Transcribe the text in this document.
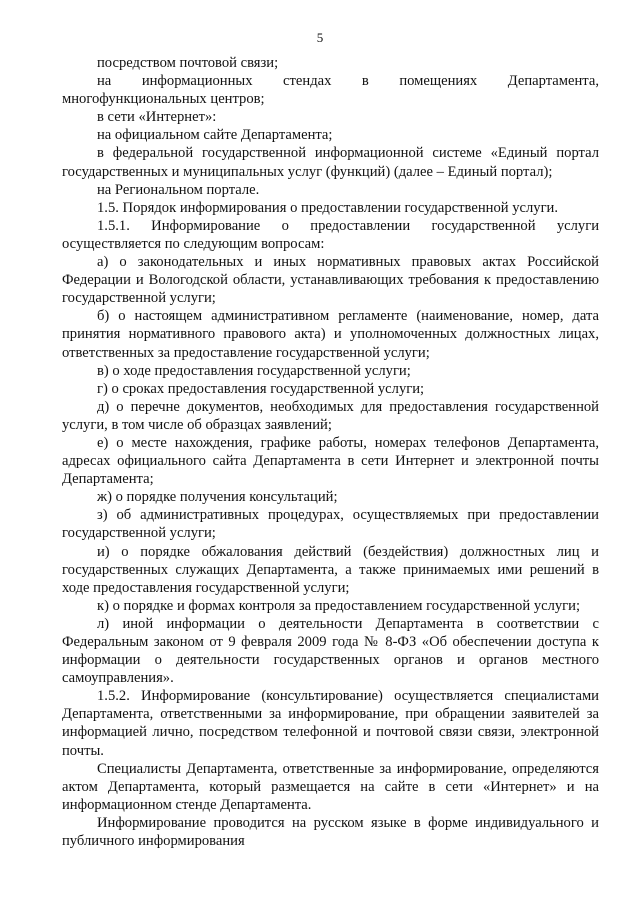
5

посредством почтовой связи;

на информационных стендах в помещениях Департамента, многофункциональных центров;

в сети «Интернет»:

на официальном сайте Департамента;

в федеральной государственной информационной системе «Единый портал государственных и муниципальных услуг (функций) (далее – Единый портал);

на Региональном портале.

1.5. Порядок информирования о предоставлении государственной услуги.

1.5.1. Информирование о предоставлении государственной услуги осуществляется по следующим вопросам:

а) о законодательных и иных нормативных правовых актах Российской Федерации и Вологодской области, устанавливающих требования к предоставлению государственной услуги;

б) о настоящем административном регламенте (наименование, номер, дата принятия нормативного правового акта) и уполномоченных должностных лицах, ответственных за предоставление государственной услуги;

в) о ходе предоставления государственной услуги;

г) о сроках предоставления государственной услуги;

д) о перечне документов, необходимых для предоставления государственной услуги, в том числе об образцах заявлений;

е) о месте нахождения, графике работы, номерах телефонов Департамента, адресах официального сайта Департамента в сети Интернет и электронной почты Департамента;

ж) о порядке получения консультаций;

з) об административных процедурах, осуществляемых при предоставлении государственной услуги;

и) о порядке обжалования действий (бездействия) должностных лиц и государственных служащих Департамента, а также принимаемых ими решений в ходе предоставления государственной услуги;

к) о порядке и формах контроля за предоставлением государственной услуги;

л) иной информации о деятельности Департамента в соответствии с Федеральным законом от 9 февраля 2009 года № 8-ФЗ «Об обеспечении доступа к информации о деятельности государственных органов и органов местного самоуправления».

1.5.2. Информирование (консультирование) осуществляется специалистами Департамента, ответственными за информирование, при обращении заявителей за информацией лично, посредством телефонной и почтовой связи связи, электронной почты.

Специалисты Департамента, ответственные за информирование, определяются актом Департамента, который размещается на сайте в сети «Интернет» и на информационном стенде Департамента.

Информирование проводится на русском языке в форме индивидуального и публичного информирования
